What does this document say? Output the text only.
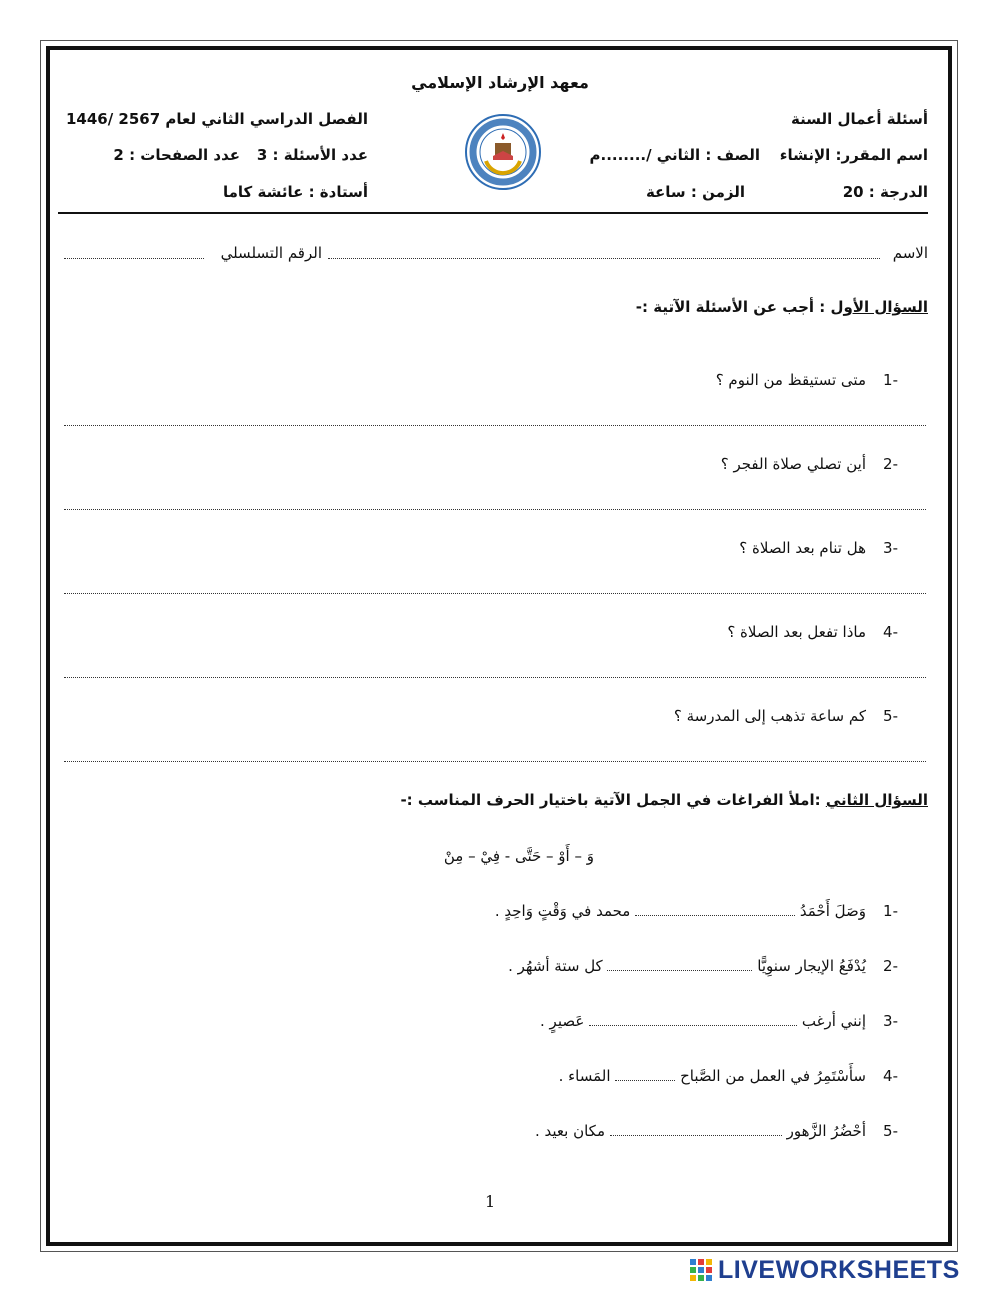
معهد الإرشاد الإسلامي
أسئلة أعمال السنة
اسم المقرر: الإنشاء
الصف : الثاني /........م
الدرجة : 20
الزمن : ساعة
الفصل الدراسي الثاني لعام 2567 /1446
عدد الأسئلة : 3
عدد الصفحات : 2
أستادة : عائشة كاما
الاسم
الرقم التسلسلي
السؤال الأول : أجب عن الأسئلة الآتية :-
-1متى تستيقظ من النوم ؟
-2أين تصلي صلاة الفجر ؟
-3هل تنام بعد الصلاة ؟
-4ماذا تفعل بعد الصلاة ؟
-5كم ساعة تذهب إلى المدرسة ؟
السؤال الثاني :املأ الفراغات في الجمل الآتية باختيار الحرف المناسب :-
وَ – أَوْ – حَتَّى - فِيْ – مِنْ
-1وَصَلَ أَحْمَدُ  محمد في وَقْتٍ وَاحِدٍ .
-2يُدْفَعُ الإيجار سنوِيًّا  كل ستة أشهُر .
-3إنني أرغب  عَصيرٍ .
-4سأَسْتَمِرُ في العمل من الصَّباح  المَساء .
-5أحْضُرُ الزَّهور  مكان بعيد .
1
LIVEWORKSHEETS
